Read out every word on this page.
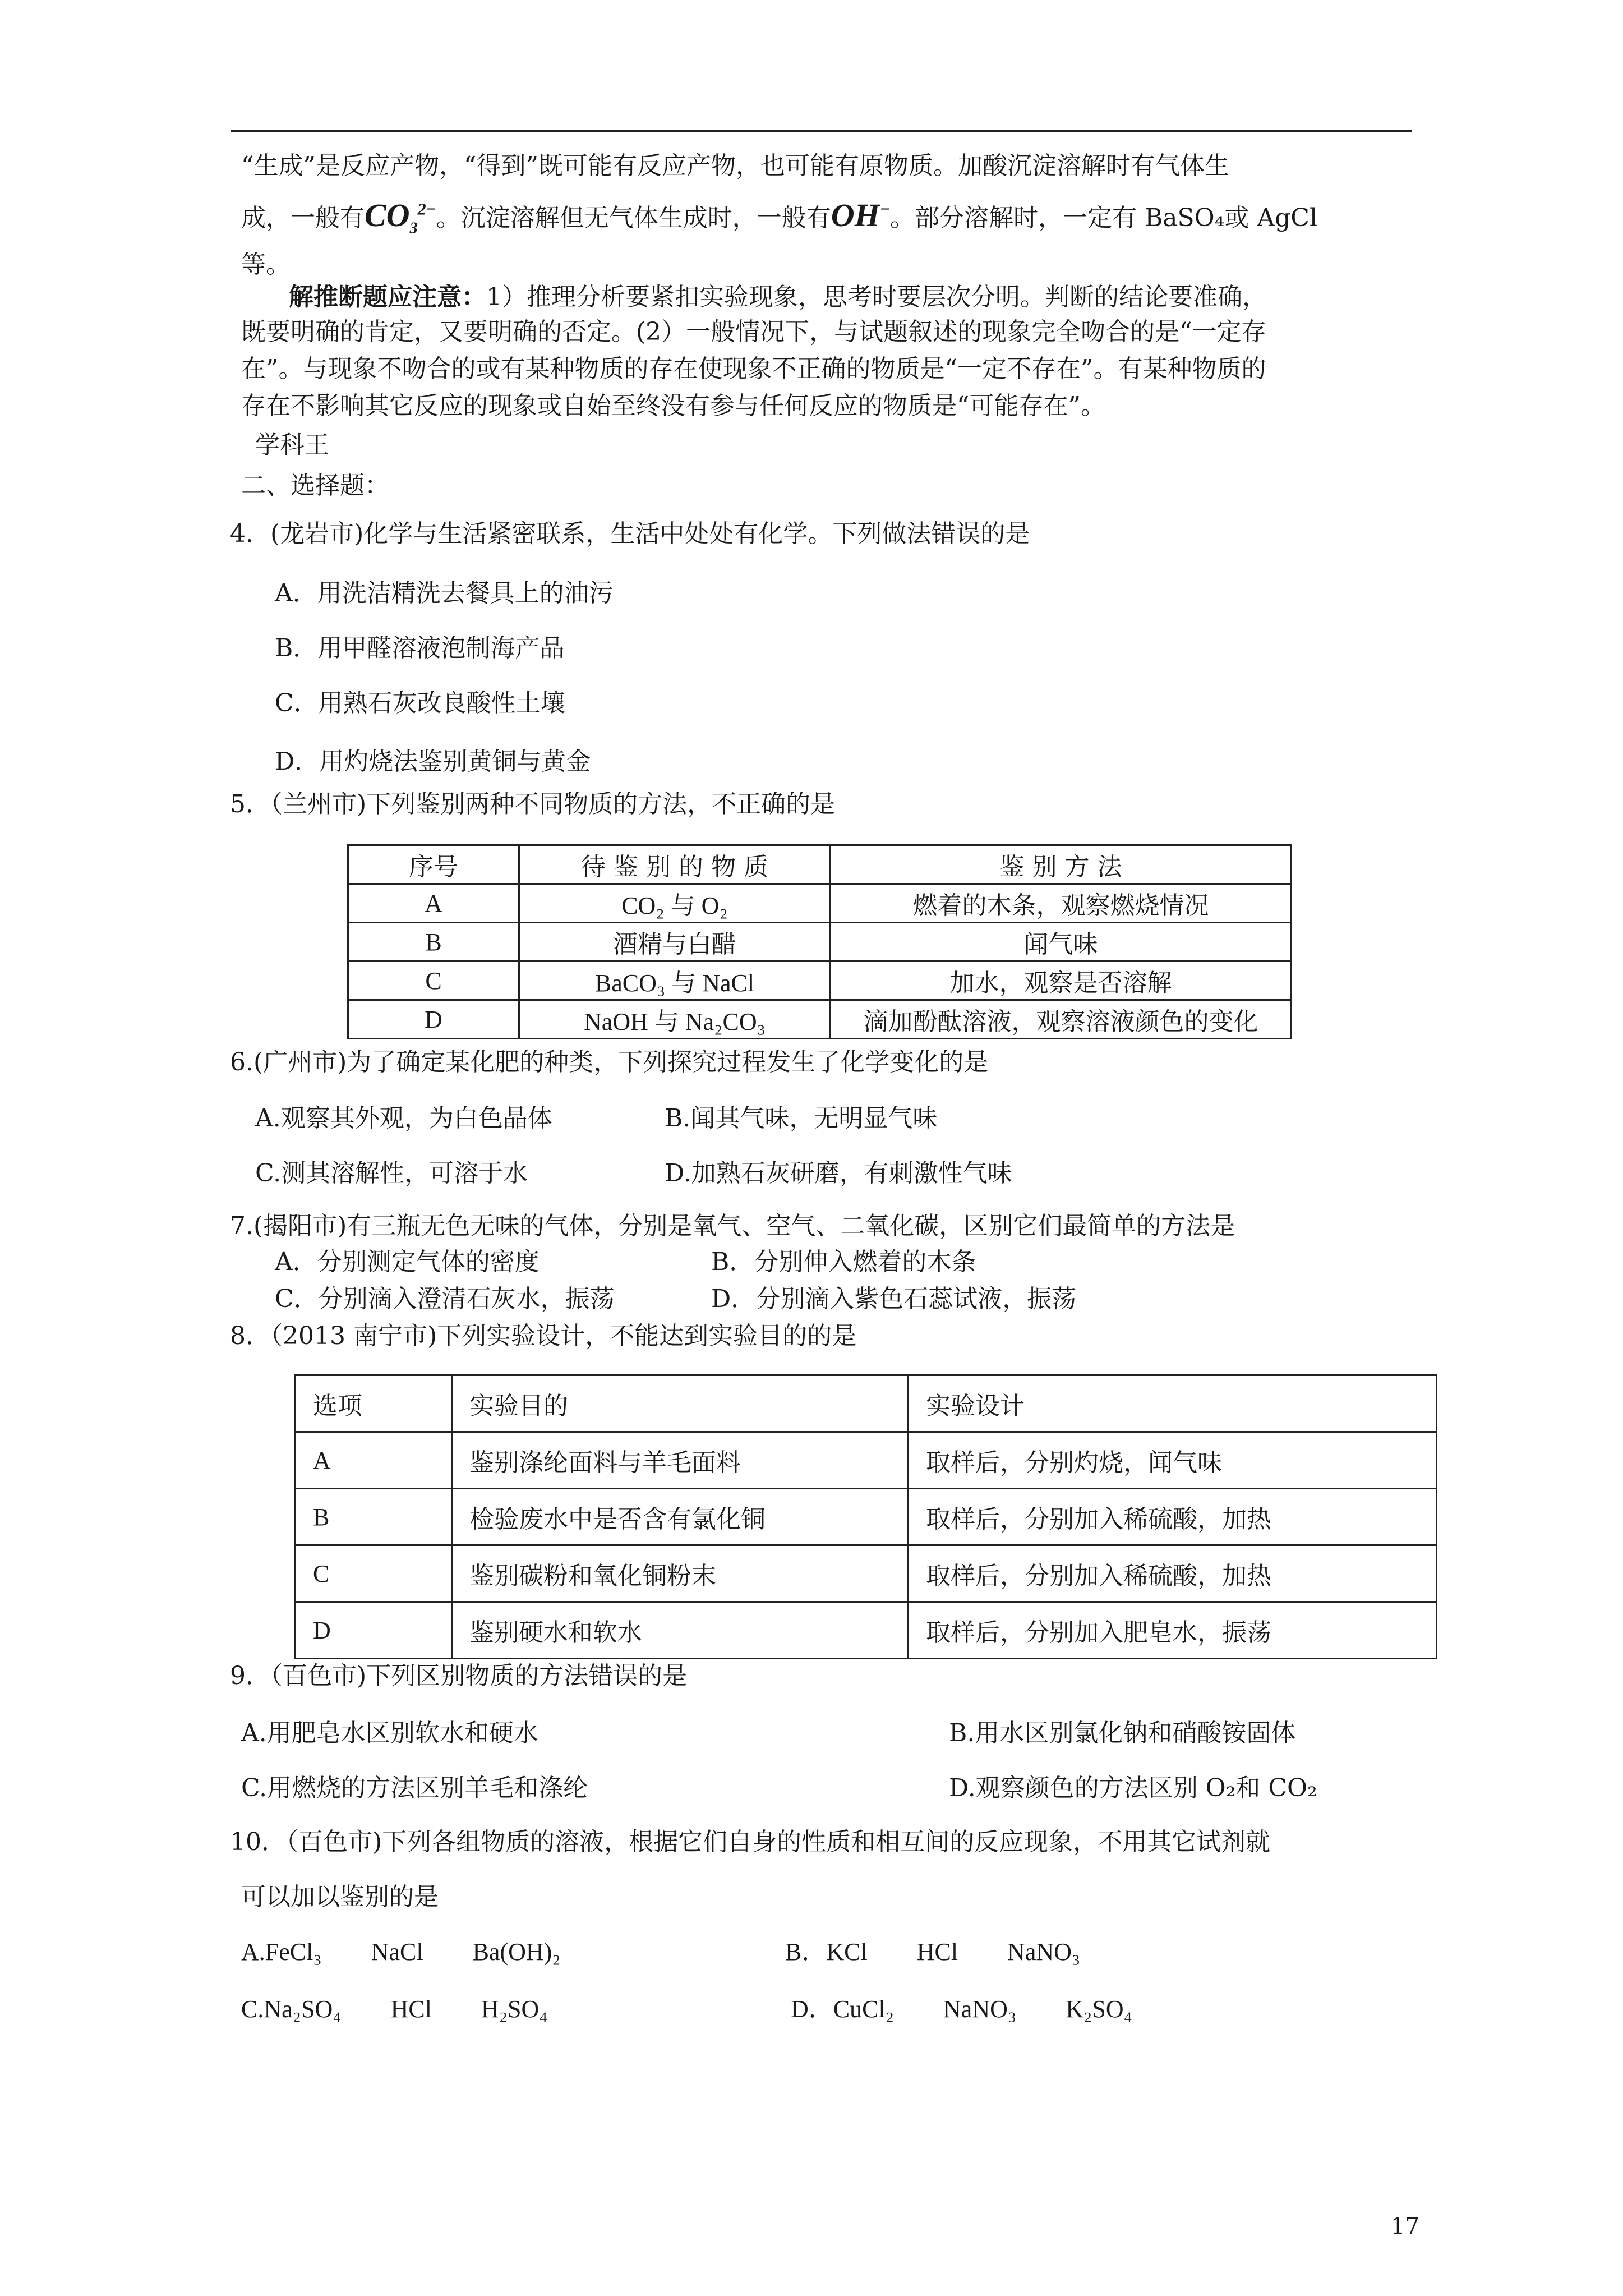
“生成”是反应产物，“得到”既可能有反应产物，也可能有原物质。加酸沉淀溶解时有气体生
成，一般有$CO_3^{2-}$。沉淀溶解但无气体生成时，一般有OH−。部分溶解时，一定有 BaSO₄或 AgCl
等。
解推断题应注意：1）推理分析要紧扣实验现象，思考时要层次分明。判断的结论要准确，
既要明确的肯定，又要明确的否定。(2）一般情况下，与试题叙述的现象完全吻合的是“一定存
在”。与现象不吻合的或有某种物质的存在使现象不正确的物质是“一定不存在”。有某种物质的
存在不影响其它反应的现象或自始至终没有参与任何反应的物质是“可能存在”。
学科王
二、选择题：
4．(龙岩市)化学与生活紧密联系，生活中处处有化学。下列做法错误的是
A．用洗洁精洗去餐具上的油污
B．用甲醛溶液泡制海产品
C．用熟石灰改良酸性土壤
D．用灼烧法鉴别黄铜与黄金
5．（兰州市)下列鉴别两种不同物质的方法，不正确的是
序号	待 鉴 别 的 物 质	鉴 别 方 法
A	CO₂ 与 O₂	燃着的木条，观察燃烧情况
B	酒精与白醋	闻气味
C	BaCO₃ 与 NaCl	加水，观察是否溶解
D	NaOH 与 Na₂CO₃	滴加酚酞溶液，观察溶液颜色的变化
6.(广州市)为了确定某化肥的种类，下列探究过程发生了化学变化的是
A.观察其外观，为白色晶体	B.闻其气味，无明显气味
C.测其溶解性，可溶于水	D.加熟石灰研磨，有刺激性气味
7.(揭阳市)有三瓶无色无味的气体，分别是氧气、空气、二氧化碳，区别它们最简单的方法是
A．分别测定气体的密度	B．分别伸入燃着的木条
C．分别滴入澄清石灰水，振荡	D．分别滴入紫色石蕊试液，振荡
8．（2013 南宁市)下列实验设计，不能达到实验目的的是
选项	实验目的	实验设计
A	鉴别涤纶面料与羊毛面料	取样后，分别灼烧，闻气味
B	检验废水中是否含有氯化铜	取样后，分别加入稀硫酸，加热
C	鉴别碳粉和氧化铜粉末	取样后，分别加入稀硫酸，加热
D	鉴别硬水和软水	取样后，分别加入肥皂水，振荡
9．（百色市)下列区别物质的方法错误的是
A.用肥皂水区别软水和硬水	B.用水区别氯化钠和硝酸铵固体
C.用燃烧的方法区别羊毛和涤纶	D.观察颜色的方法区别 O₂和 CO₂
10．（百色市)下列各组物质的溶液，根据它们自身的性质和相互间的反应现象，不用其它试剂就
可以加以鉴别的是
A.FeCl₃　　NaCl　　Ba(OH)₂	B．KCl　　HCl　　NaNO₃
C.Na₂SO₄　　HCl　　H₂SO₄	D．CuCl₂　　NaNO₃　　K₂SO₄
17
